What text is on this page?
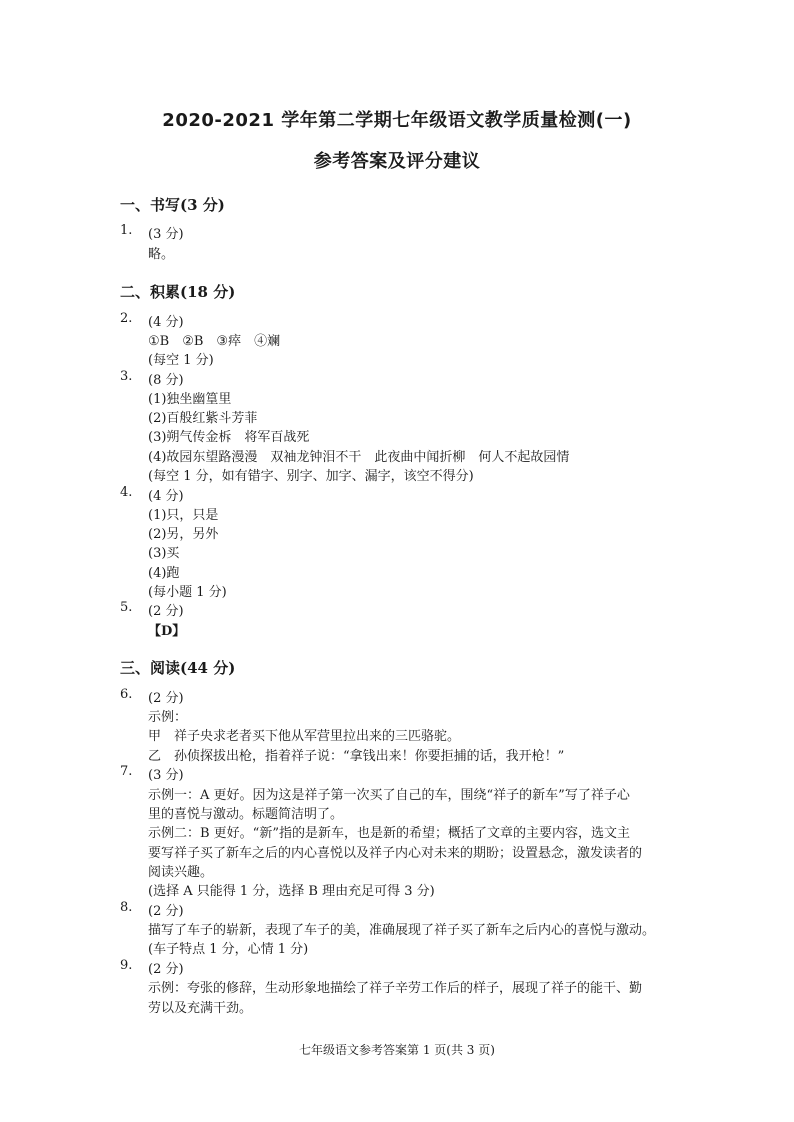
2020-2021 学年第二学期七年级语文教学质量检测(一)
参考答案及评分建议
一、书写(3 分)
1. (3 分)
略。
二、积累(18 分)
2. (4 分)
①B　②B　③瘁　④斓
(每空 1 分)
3. (8 分)
(1)独坐幽篁里
(2)百般红紫斗芳菲
(3)朔气传金柝　将军百战死
(4)故园东望路漫漫　双袖龙钟泪不干　此夜曲中闻折柳　何人不起故园情
(每空 1 分，如有错字、别字、加字、漏字，该空不得分)
4. (4 分)
(1)只，只是
(2)另，另外
(3)买
(4)跑
(每小题 1 分)
5. (2 分)
【D】
三、阅读(44 分)
6. (2 分)
示例：
甲　祥子央求老者买下他从军营里拉出来的三匹骆驼。
乙　孙侦探拔出枪，指着祥子说：“拿钱出来！你要拒捕的话，我开枪！”
7. (3 分)
示例一：A 更好。因为这是祥子第一次买了自己的车，围绕“祥子的新车”写了祥子心
里的喜悦与激动。标题简洁明了。
示例二：B 更好。“新”指的是新车，也是新的希望；概括了文章的主要内容，选文主
要写祥子买了新车之后的内心喜悦以及祥子内心对未来的期盼；设置悬念，激发读者的
阅读兴趣。
(选择 A 只能得 1 分，选择 B 理由充足可得 3 分)
8. (2 分)
描写了车子的崭新，表现了车子的美，准确展现了祥子买了新车之后内心的喜悦与激动。
(车子特点 1 分，心情 1 分)
9. (2 分)
示例：夸张的修辞，生动形象地描绘了祥子辛劳工作后的样子，展现了祥子的能干、勤
劳以及充满干劲。
七年级语文参考答案第 1 页(共 3 页)
